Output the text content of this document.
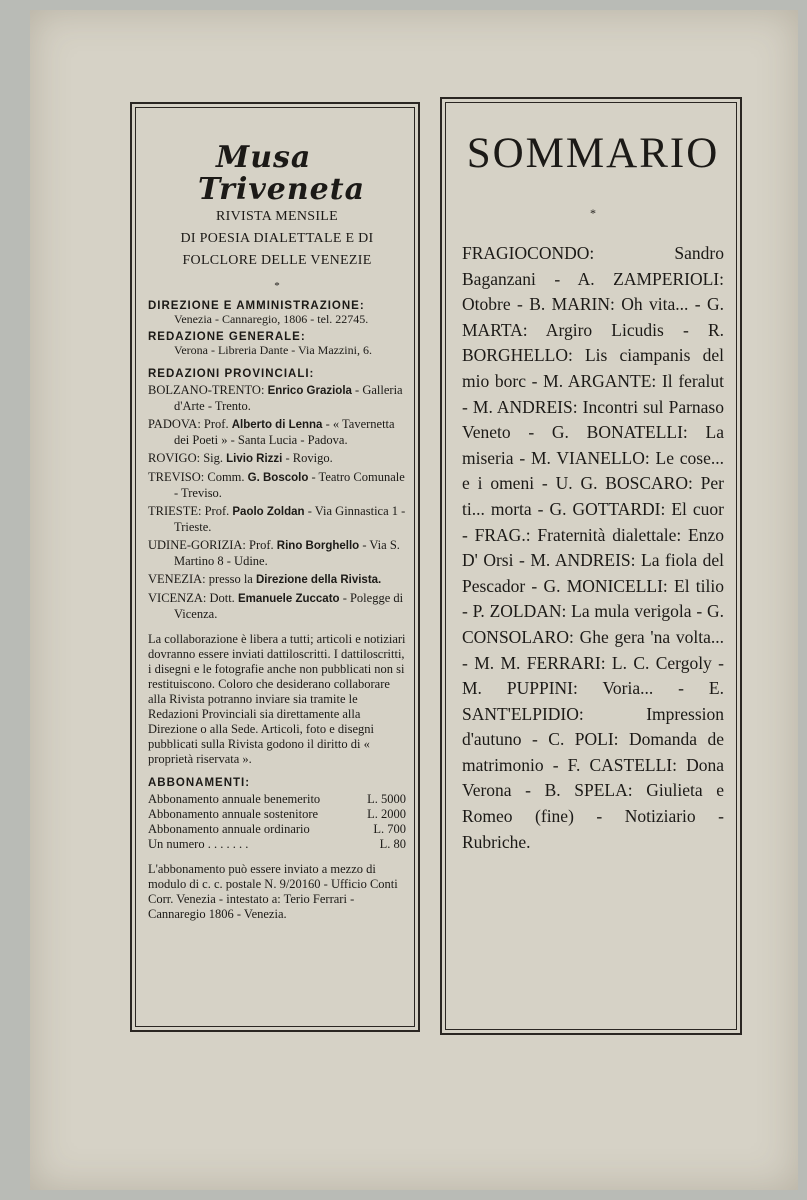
Musa
Triveneta
RIVISTA MENSILE
DI POESIA DIALETTALE E DI
FOLCLORE DELLE VENEZIE
*
DIREZIONE E AMMINISTRAZIONE:
Venezia - Cannaregio, 1806 - tel. 22745.
REDAZIONE GENERALE:
Verona - Libreria Dante - Via Mazzini, 6.
REDAZIONI PROVINCIALI:
BOLZANO-TRENTO: Enrico Graziola - Galleria d'Arte - Trento.
PADOVA: Prof. Alberto di Lenna - « Tavernetta dei Poeti » - Santa Lucia - Padova.
ROVIGO: Sig. Livio Rizzi - Rovigo.
TREVISO: Comm. G. Boscolo - Teatro Comunale - Treviso.
TRIESTE: Prof. Paolo Zoldan - Via Ginnastica 1 - Trieste.
UDINE-GORIZIA: Prof. Rino Borghello - Via S. Martino 8 - Udine.
VENEZIA: presso la Direzione della Rivista.
VICENZA: Dott. Emanuele Zuccato - Polegge di Vicenza.
La collaborazione è libera a tutti; articoli e notiziari dovranno essere inviati dattiloscritti. I dattiloscritti, i disegni e le fotografie anche non pubblicati non si restituiscono. Coloro che desiderano collaborare alla Rivista potranno inviare sia tramite le Redazioni Provinciali sia direttamente alla Direzione o alla Sede. Articoli, foto e disegni pubblicati sulla Rivista godono il diritto di « proprietà riservata ».
ABBONAMENTI:
Abbonamento annuale benemerito	L. 5000
Abbonamento annuale sostenitore	L. 2000
Abbonamento annuale ordinario	L. 700
Un numero . . . . . . .	L. 80
L'abbonamento può essere inviato a mezzo di modulo di c. c. postale N. 9/20160 - Ufficio Conti Corr. Venezia - intestato a: Terio Ferrari - Cannaregio 1806 - Venezia.
SOMMARIO
*
FRAGIOCONDO: Sandro Baganzani - A. ZAMPERIOLI: Otobre - B. MARIN: Oh vita... - G. MARTA: Argiro Licudis - R. BORGHELLO: Lis ciampanis del mio borc - M. ARGANTE: Il feralut - M. ANDREIS: Incontri sul Parnaso Veneto - G. BONATELLI: La miseria - M. VIANELLO: Le cose... e i omeni - U. G. BOSCARO: Per ti... morta - G. GOTTARDI: El cuor - FRAG.: Fraternità dialettale: Enzo D' Orsi - M. ANDREIS: La fiola del Pescador - G. MONICELLI: El tilio - P. ZOLDAN: La mula verigola - G. CONSOLARO: Ghe gera 'na volta... - M. M. FERRARI: L. C. Cergoly - M. PUPPINI: Voria... - E. SANT'ELPIDIO: Impression d'autuno - C. POLI: Domanda de matrimonio - F. CASTELLI: Dona Verona - B. SPELA: Giulieta e Romeo (fine) - Notiziario - Rubriche.
